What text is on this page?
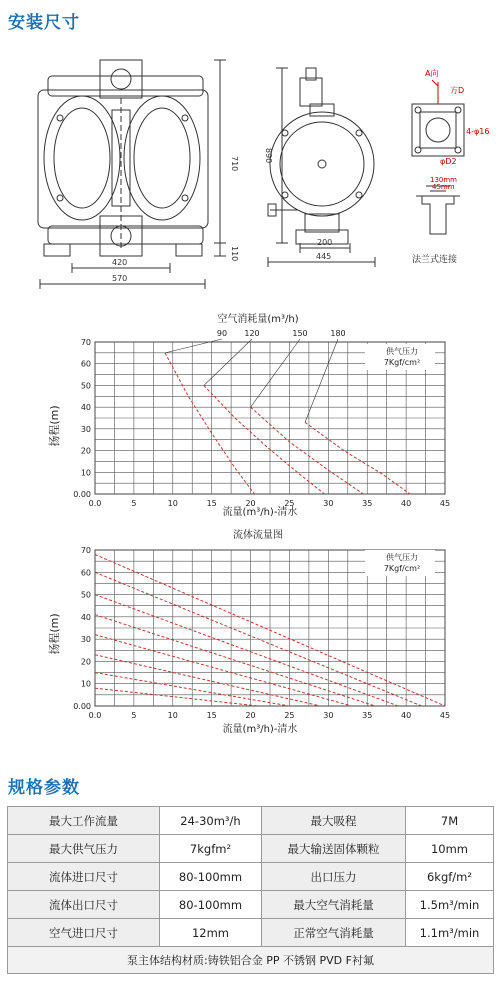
安装尺寸
710
110
420
570
890
200
445
A向
方D
4-φ16
φD2
130mm
45mm
法兰式连接
空气消耗量(m³/h)
0.0	5	10	15	20	25	30	35	40	45
0.00
10
20
30
40
50
60
70
90 120	150	180
供气压力
7Kgf/cm²
流量(m³/h)-清水
扬程(m)
流体流量图
0.0	5	10	15	20	25	30	35	40	45
0.00
10
20
30
40
50
60
70
供气压力
7Kgf/cm²
流量(m³/h)-清水
扬程(m)
规格参数
最大工作流量	24-30m³/h	最大吸程	7M
最大供气压力	7kgfm²	最大输送固体颗粒	10mm
流体进口尺寸	80-100mm	出口压力	6kgf/m²
流体出口尺寸	80-100mm	最大空气消耗量	1.5m³/min
空气进口尺寸	12mm	正常空气消耗量	1.1m³/min
泵主体结构材质:铸铁铝合金 PP 不锈钢 PVD F衬氟			
